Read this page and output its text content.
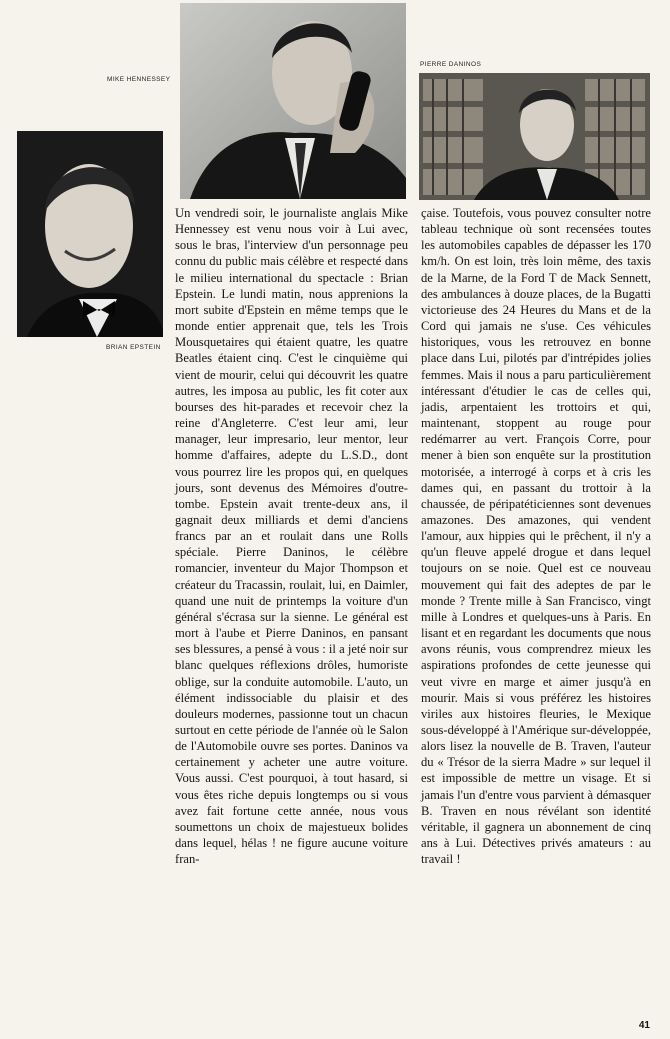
MIKE HENNESSEY
PIERRE DANINOS
BRIAN EPSTEIN

Un vendredi soir, le journaliste anglais Mike Hennessey est venu nous voir à Lui avec, sous le bras, l'interview d'un personnage peu connu du public mais célèbre et respecté dans le milieu international du spectacle : Brian Epstein. Le lundi matin, nous apprenions la mort subite d'Epstein en même temps que le monde entier apprenait que, tels les Trois Mousquetaires qui étaient quatre, les quatre Beatles étaient cinq. C'est le cinquième qui vient de mourir, celui qui découvrit les quatre autres, les imposa au public, les fit coter aux bourses des hit-parades et recevoir chez la reine d'Angleterre. C'est leur ami, leur manager, leur impresario, leur mentor, leur homme d'affaires, adepte du L.S.D., dont vous pourrez lire les propos qui, en quelques jours, sont devenus des Mémoires d'outre-tombe. Epstein avait trente-deux ans, il gagnait deux milliards et demi d'anciens francs par an et roulait dans une Rolls spéciale. Pierre Daninos, le célèbre romancier, inventeur du Major Thompson et créateur du Tracassin, roulait, lui, en Daimler, quand une nuit de printemps la voiture d'un général s'écrasa sur la sienne. Le général est mort à l'aube et Pierre Daninos, en pansant ses blessures, a pensé à vous : il a jeté noir sur blanc quelques réflexions drôles, humoriste oblige, sur la conduite automobile. L'auto, un élément indissociable du plaisir et des douleurs modernes, passionne tout un chacun surtout en cette période de l'année où le Salon de l'Automobile ouvre ses portes. Daninos va certainement y acheter une autre voiture. Vous aussi. C'est pourquoi, à tout hasard, si vous êtes riche depuis longtemps ou si vous avez fait fortune cette année, nous vous soumettons un choix de majestueux bolides dans lequel, hélas ! ne figure aucune voiture fran-

çaise. Toutefois, vous pouvez consulter notre tableau technique où sont recensées toutes les automobiles capables de dépasser les 170 km/h. On est loin, très loin même, des taxis de la Marne, de la Ford T de Mack Sennett, des ambulances à douze places, de la Bugatti victorieuse des 24 Heures du Mans et de la Cord qui jamais ne s'use. Ces véhicules historiques, vous les retrouvez en bonne place dans Lui, pilotés par d'intrépides jolies femmes. Mais il nous a paru particulièrement intéressant d'étudier le cas de celles qui, jadis, arpentaient les trottoirs et qui, maintenant, stoppent au rouge pour redémarrer au vert. François Corre, pour mener à bien son enquête sur la prostitution motorisée, a interrogé à corps et à cris les dames qui, en passant du trottoir à la chaussée, de péripatéticiennes sont devenues amazones. Des amazones, qui vendent l'amour, aux hippies qui le prêchent, il n'y a qu'un fleuve appelé drogue et dans lequel toujours on se noie. Quel est ce nouveau mouvement qui fait des adeptes de par le monde ? Trente mille à San Francisco, vingt mille à Londres et quelques-uns à Paris. En lisant et en regardant les documents que nous avons réunis, vous comprendrez mieux les aspirations profondes de cette jeunesse qui veut vivre en marge et aimer jusqu'à en mourir. Mais si vous préférez les histoires viriles aux histoires fleuries, le Mexique sous-développé à l'Amérique sur-développée, alors lisez la nouvelle de B. Traven, l'auteur du « Trésor de la sierra Madre » sur lequel il est impossible de mettre un visage. Et si jamais l'un d'entre vous parvient à démasquer B. Traven en nous révélant son identité véritable, il gagnera un abonnement de cinq ans à Lui. Détectives privés amateurs : au travail !

41
